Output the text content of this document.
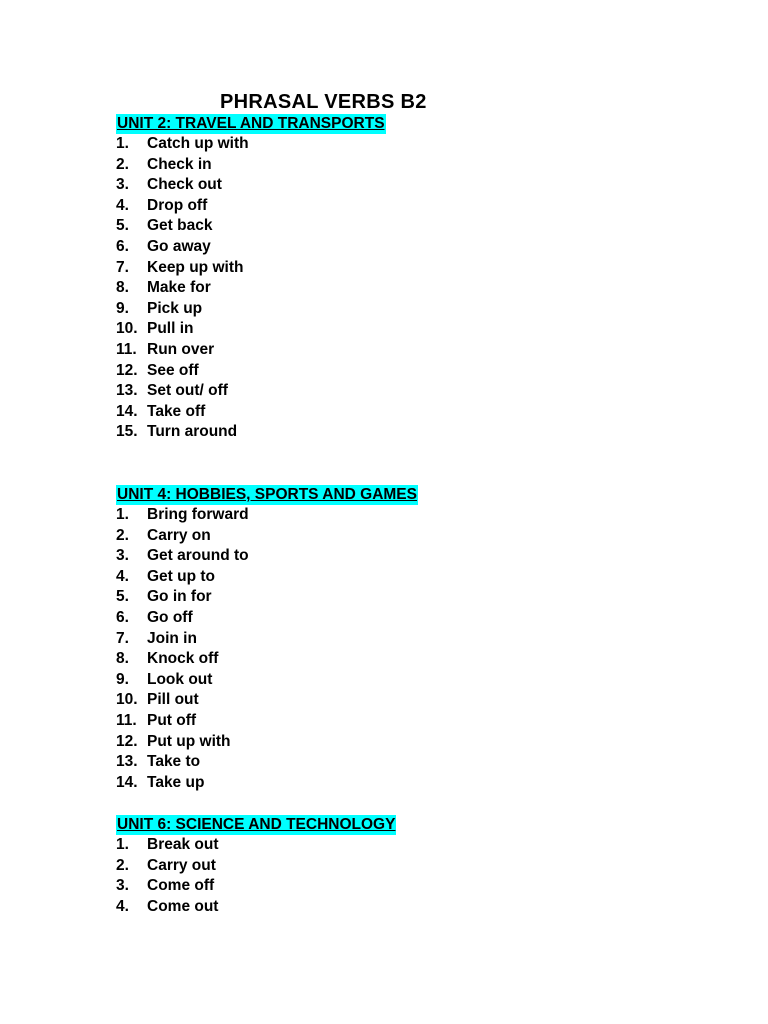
PHRASAL VERBS B2
UNIT 2: TRAVEL AND TRANSPORTS
1.	Catch up with
2.	Check in
3.	Check out
4.	Drop off
5.	Get back
6.	Go away
7.	Keep up with
8.	Make for
9.	Pick up
10. Pull in
11. Run over
12. See off
13. Set out/ off
14. Take off
15. Turn around
UNIT 4: HOBBIES, SPORTS AND GAMES
1.	Bring forward
2.	Carry on
3.	Get around to
4.	Get up to
5.	Go in for
6.	Go off
7.	Join in
8.	Knock off
9.	Look out
10. Pill out
11. Put off
12. Put up with
13. Take to
14. Take up
UNIT 6: SCIENCE AND TECHNOLOGY
1.	Break out
2.	Carry out
3.	Come off
4.	Come out
